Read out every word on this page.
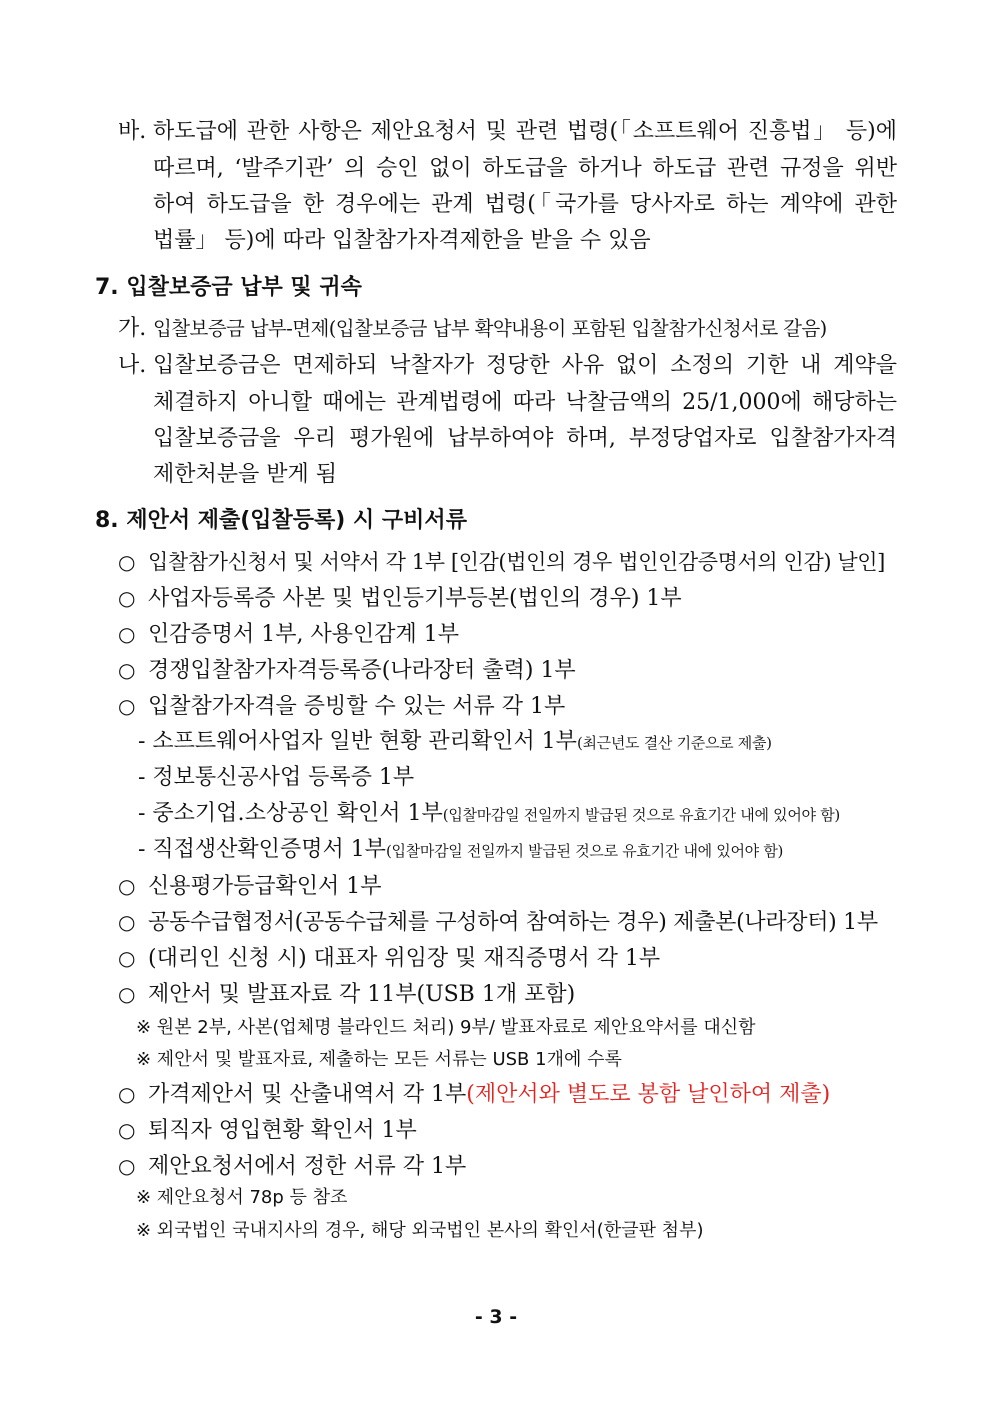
바. 하도급에 관한 사항은 제안요청서 및 관련 법령(「소프트웨어 진흥법」 등)에
따르며, ‘발주기관’ 의 승인 없이 하도급을 하거나 하도급 관련 규정을 위반
하여 하도급을 한 경우에는 관계 법령(「국가를 당사자로 하는 계약에 관한
법률」 등)에 따라 입찰참가자격제한을 받을 수 있음
7. 입찰보증금 납부 및 귀속
가. 입찰보증금 납부-면제(입찰보증금 납부 확약내용이 포함된 입찰참가신청서로 갈음)
나. 입찰보증금은 면제하되 낙찰자가 정당한 사유 없이 소정의 기한 내 계약을
체결하지 아니할 때에는 관계법령에 따라 낙찰금액의 25/1,000에 해당하는
입찰보증금을 우리 평가원에 납부하여야 하며, 부정당업자로 입찰참가자격
제한처분을 받게 됨
8. 제안서 제출(입찰등록) 시 구비서류
○ 입찰참가신청서 및 서약서 각 1부 [인감(법인의 경우 법인인감증명서의 인감) 날인]
○ 사업자등록증 사본 및 법인등기부등본(법인의 경우) 1부
○ 인감증명서 1부, 사용인감계 1부
○ 경쟁입찰참가자격등록증(나라장터 출력) 1부
○ 입찰참가자격을 증빙할 수 있는 서류 각 1부
- 소프트웨어사업자 일반 현황 관리확인서 1부(최근년도 결산 기준으로 제출)
- 정보통신공사업 등록증 1부
- 중소기업․소상공인 확인서 1부(입찰마감일 전일까지 발급된 것으로 유효기간 내에 있어야 함)
- 직접생산확인증명서 1부(입찰마감일 전일까지 발급된 것으로 유효기간 내에 있어야 함)
○ 신용평가등급확인서 1부
○ 공동수급협정서(공동수급체를 구성하여 참여하는 경우) 제출본(나라장터) 1부
○ (대리인 신청 시) 대표자 위임장 및 재직증명서 각 1부
○ 제안서 및 발표자료 각 11부(USB 1개 포함)
※ 원본 2부, 사본(업체명 블라인드 처리) 9부/ 발표자료로 제안요약서를 대신함
※ 제안서 및 발표자료, 제출하는 모든 서류는 USB 1개에 수록
○ 가격제안서 및 산출내역서 각 1부(제안서와 별도로 봉함 날인하여 제출)
○ 퇴직자 영입현황 확인서 1부
○ 제안요청서에서 정한 서류 각 1부
※ 제안요청서 78p 등 참조
※ 외국법인 국내지사의 경우, 해당 외국법인 본사의 확인서(한글판 첨부)
- 3 -
